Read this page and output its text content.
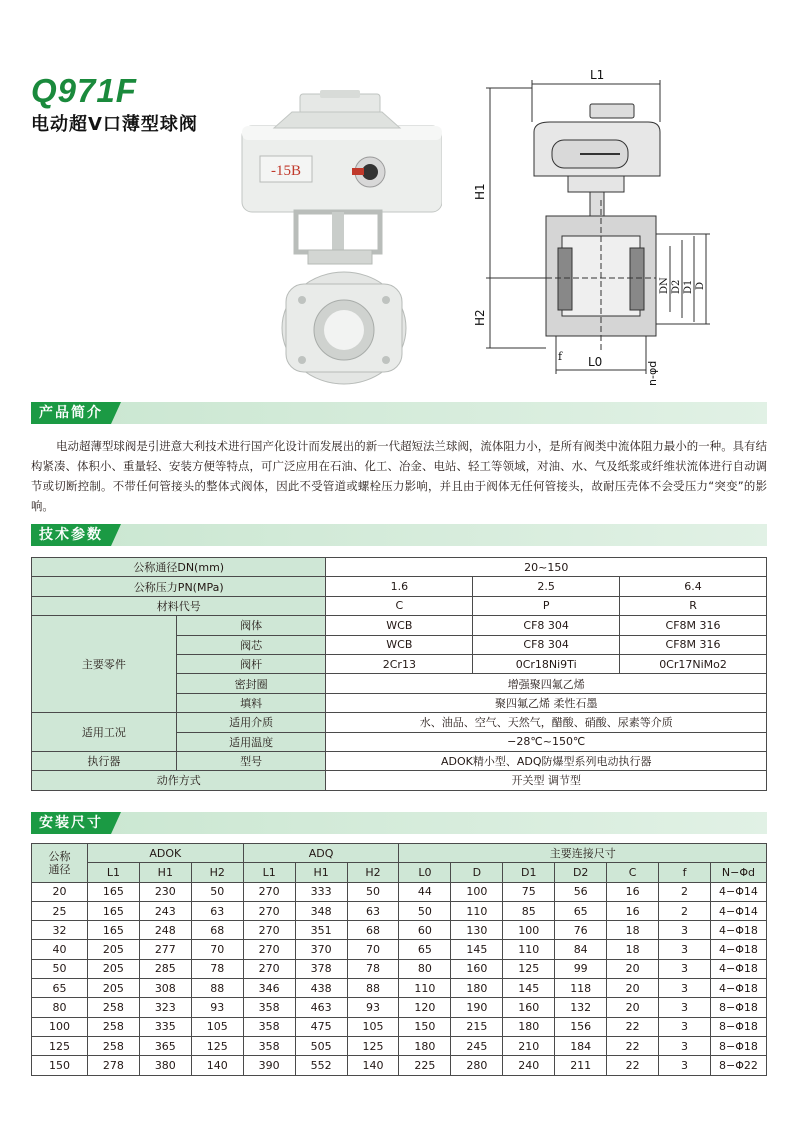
Q971F
电动超V口薄型球阀
-15B
L1
H1
H2
DN D2 D1 D
L0
f
n-φd
产品简介

电动超薄型球阀是引进意大利技术进行国产化设计而发展出的新一代超短法兰球阀，流体阻力小，是所有阀类中流体阻力最小的一种。具有结构紧凑、体积小、重量轻、安装方便等特点，可广泛应用在石油、化工、冶金、电站、轻工等领域，对油、水、气及纸浆或纤维状流体进行自动调节或切断控制。不带任何管接头的整体式阀体，因此不受管道或螺栓压力影响，并且由于阀体无任何管接头，故耐压壳体不会受压力“突变”的影响。

技术参数
公称通径DN(mm)		20~150		
公称压力PN(MPa)		1.6	2.5	6.4
材料代号		C	P	R
主要零件	阀体	WCB	CF8 304	CF8M 316
	阀芯	WCB	CF8 304	CF8M 316
	阀杆	2Cr13	0Cr18Ni9Ti	0Cr17NiMo2
	密封圈	增强聚四氟乙烯		
	填料	聚四氟乙烯 柔性石墨		
适用工况	适用介质	水、油品、空气、天然气，醋酸、硝酸、尿素等介质		
	适用温度	−28℃~150℃		
执行器	型号	ADOK精小型、ADQ防爆型系列电动执行器		
动作方式		开关型 调节型		
安装尺寸
公称通径	ADOK			ADQ			主要连接尺寸						
	L1	H1	H2	L1	H1	H2	L0	D	D1	D2	C	f	N−Φd
20	165	230	50	270	333	50	44	100	75	56	16	2	4−Φ14
25	165	243	63	270	348	63	50	110	85	65	16	2	4−Φ14
32	165	248	68	270	351	68	60	130	100	76	18	3	4−Φ18
40	205	277	70	270	370	70	65	145	110	84	18	3	4−Φ18
50	205	285	78	270	378	78	80	160	125	99	20	3	4−Φ18
65	205	308	88	346	438	88	110	180	145	118	20	3	4−Φ18
80	258	323	93	358	463	93	120	190	160	132	20	3	8−Φ18
100	258	335	105	358	475	105	150	215	180	156	22	3	8−Φ18
125	258	365	125	358	505	125	180	245	210	184	22	3	8−Φ18
150	278	380	140	390	552	140	225	280	240	211	22	3	8−Φ22
